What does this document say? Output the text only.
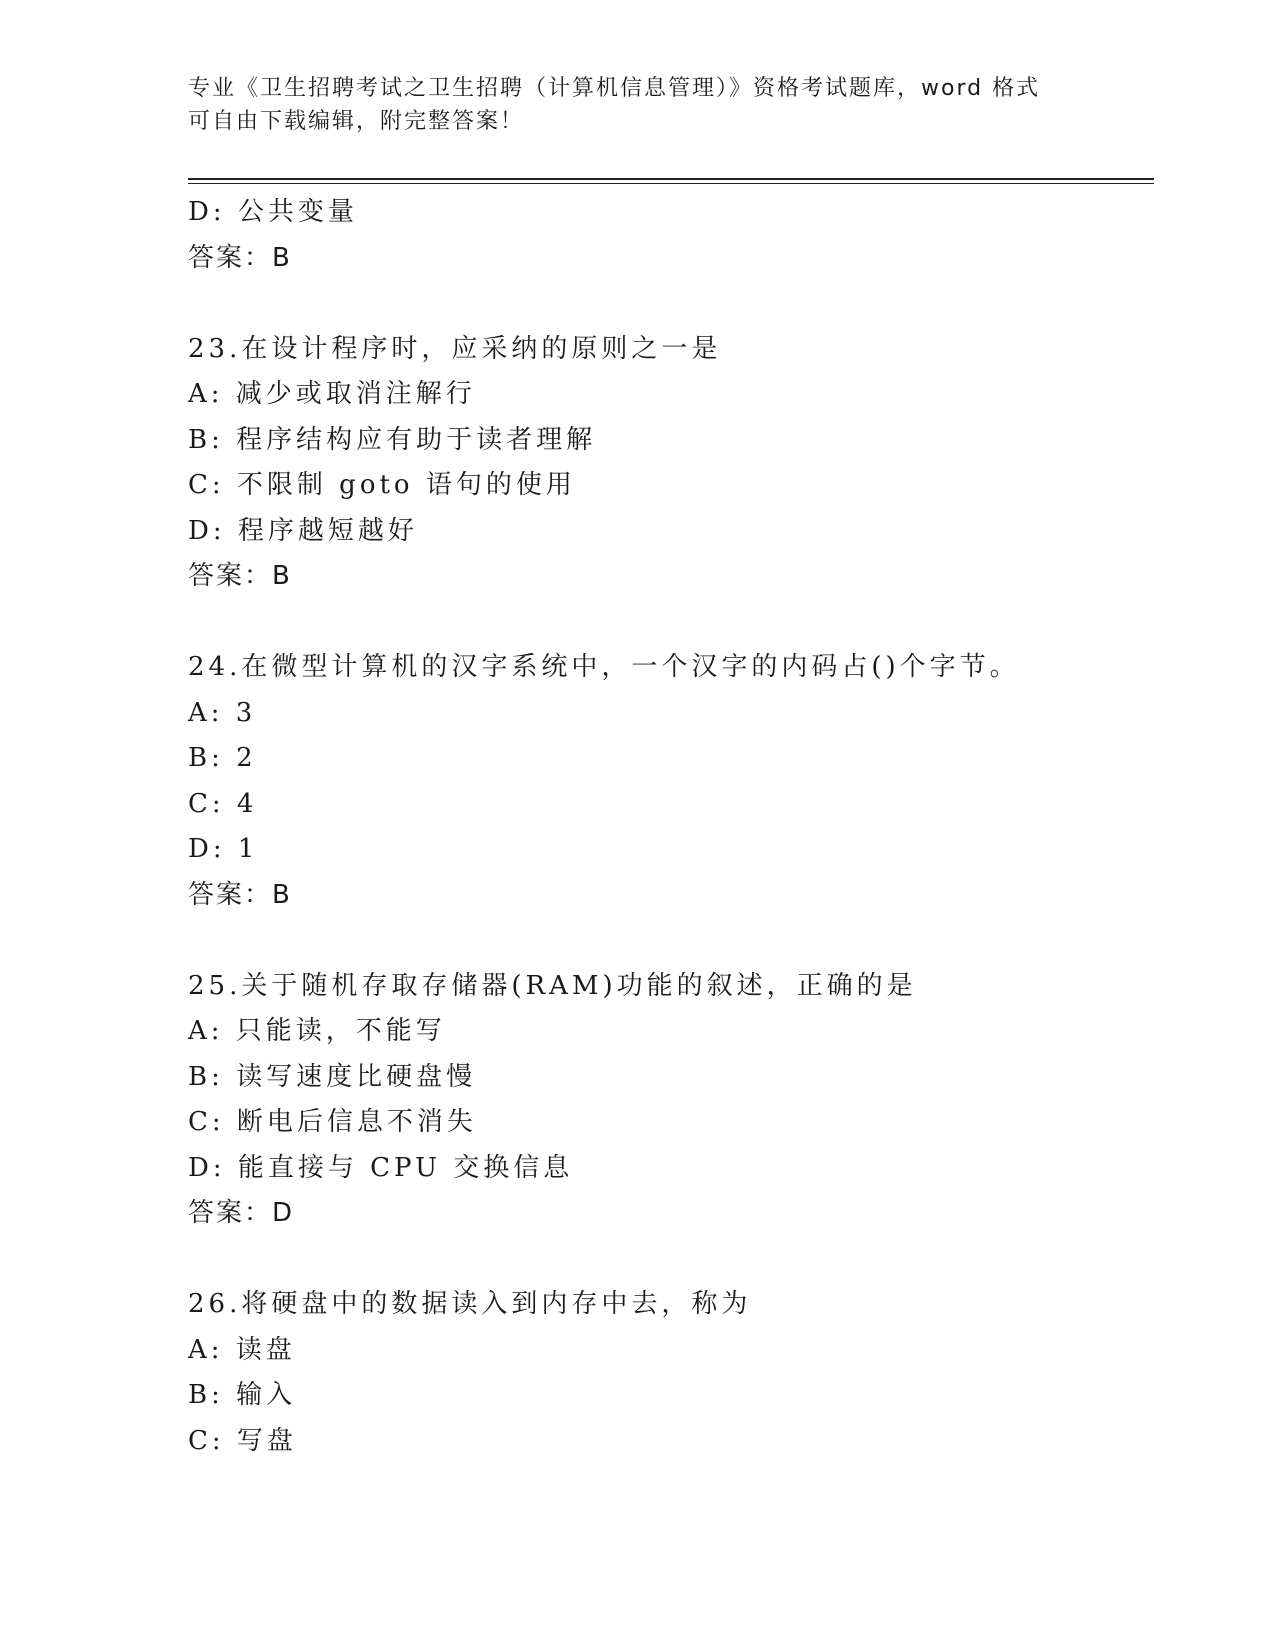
专业《卫生招聘考试之卫生招聘（计算机信息管理）》资格考试题库，word 格式
可自由下载编辑，附完整答案！
D: 公共变量
答案：B
23.在设计程序时，应采纳的原则之一是
A: 减少或取消注解行
B: 程序结构应有助于读者理解
C: 不限制 goto 语句的使用
D: 程序越短越好
答案：B
24.在微型计算机的汉字系统中，一个汉字的内码占()个字节。
A: 3
B: 2
C: 4
D: 1
答案：B
25.关于随机存取存储器(RAM)功能的叙述，正确的是
A: 只能读，不能写
B: 读写速度比硬盘慢
C: 断电后信息不消失
D: 能直接与 CPU 交换信息
答案：D
26.将硬盘中的数据读入到内存中去，称为
A: 读盘
B: 输入
C: 写盘
